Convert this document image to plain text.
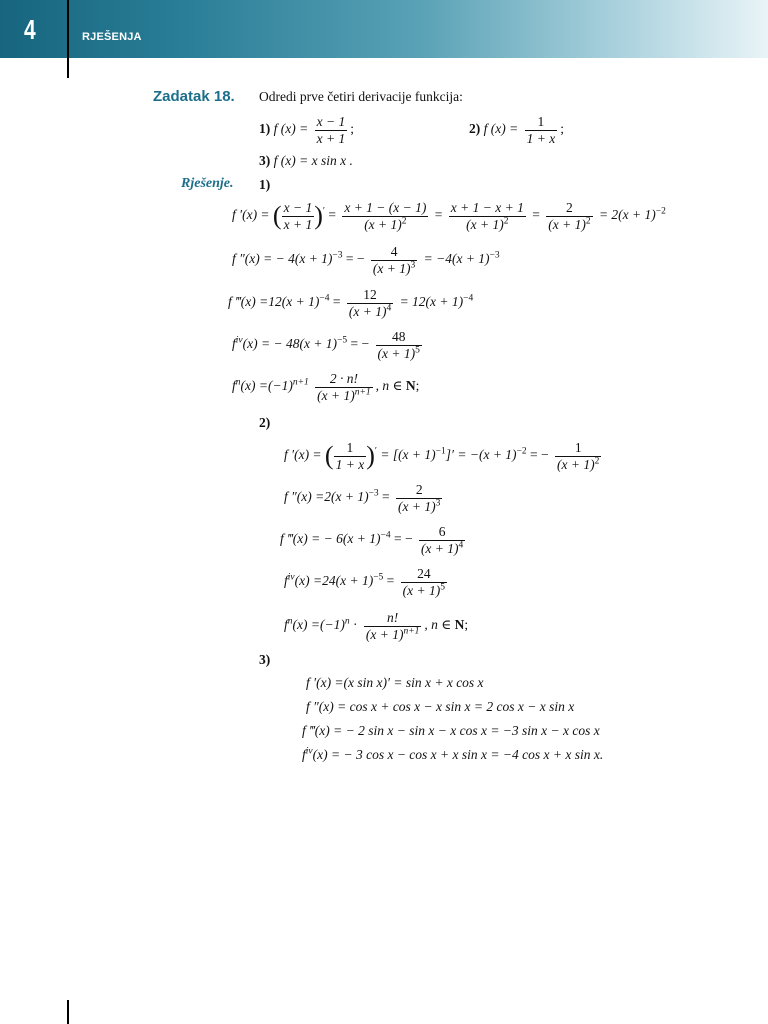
4	RJEŠENJA
Zadatak 18. Odredi prve četiri derivacije funkcija:
1) f $(x) = \frac{x - 1}{x + 1}$ ;	2) f $(x) = \frac{1}{1 + x}$ ;
3) f (x) = x sin x .
Rješenje. 1)
f ′(x) = ( $\frac{x - 1}{x + 1} )' = \frac{x + 1 - (x - 1)}{(x + 1)^2} = \frac{x + 1 - x + 1}{(x + 1)^2} = \frac{2}{(x + 1)^2} = 2(x + 1)^{-2}$
f ″(x) = − $4(x + 1)^{-3}$ = − $\frac{4}{(x + 1)^3} = -4(x + 1)^{-3}$
f ‴(x) $=12(x + 1)^{-4} = \frac{12}{(x + 1)^4} = 12(x + 1)^{-4}$
$f^{iv}(x)$ = − $48(x + 1)^{-5}$ = − $\frac{48}{(x + 1)^5}$
$f^n(x) =(-1)^{n+1} \frac{2 \cdot n!}{(x + 1)^{n+1}}$ , n ∈ N;
2)
f ′(x) = ( $\frac{1}{1 + x} )' = [(x + 1)^{-1}]' = -(x + 1)^{-2}$ = − $\frac{1}{(x + 1)^2}$
f $''(x) =2(x + 1)^{-3} = \frac{2}{(x + 1)^3}$
f ‴(x) = − $6(x + 1)^{-4}$ = − $\frac{6}{(x + 1)^4}$
$f^{iv}(x) =24(x + 1)^{-5} = \frac{24}{(x + 1)^5}$
$f^n(x) =(-1)^n \cdot \frac{n!}{(x + 1)^{n+1}}$ , n ∈ N;
3)
f ′(x) =(x sin x)′ = sin x + x cos x
f ″(x) = cos x + cos x − x sin x = 2 cos x − x sin x
f ‴(x) = − 2 sin x − sin x − x cos x = −3 sin x − x cos x
$f^{iv}(x)$ = − 3 cos x − cos x + x sin x = −4 cos x + x sin x.
